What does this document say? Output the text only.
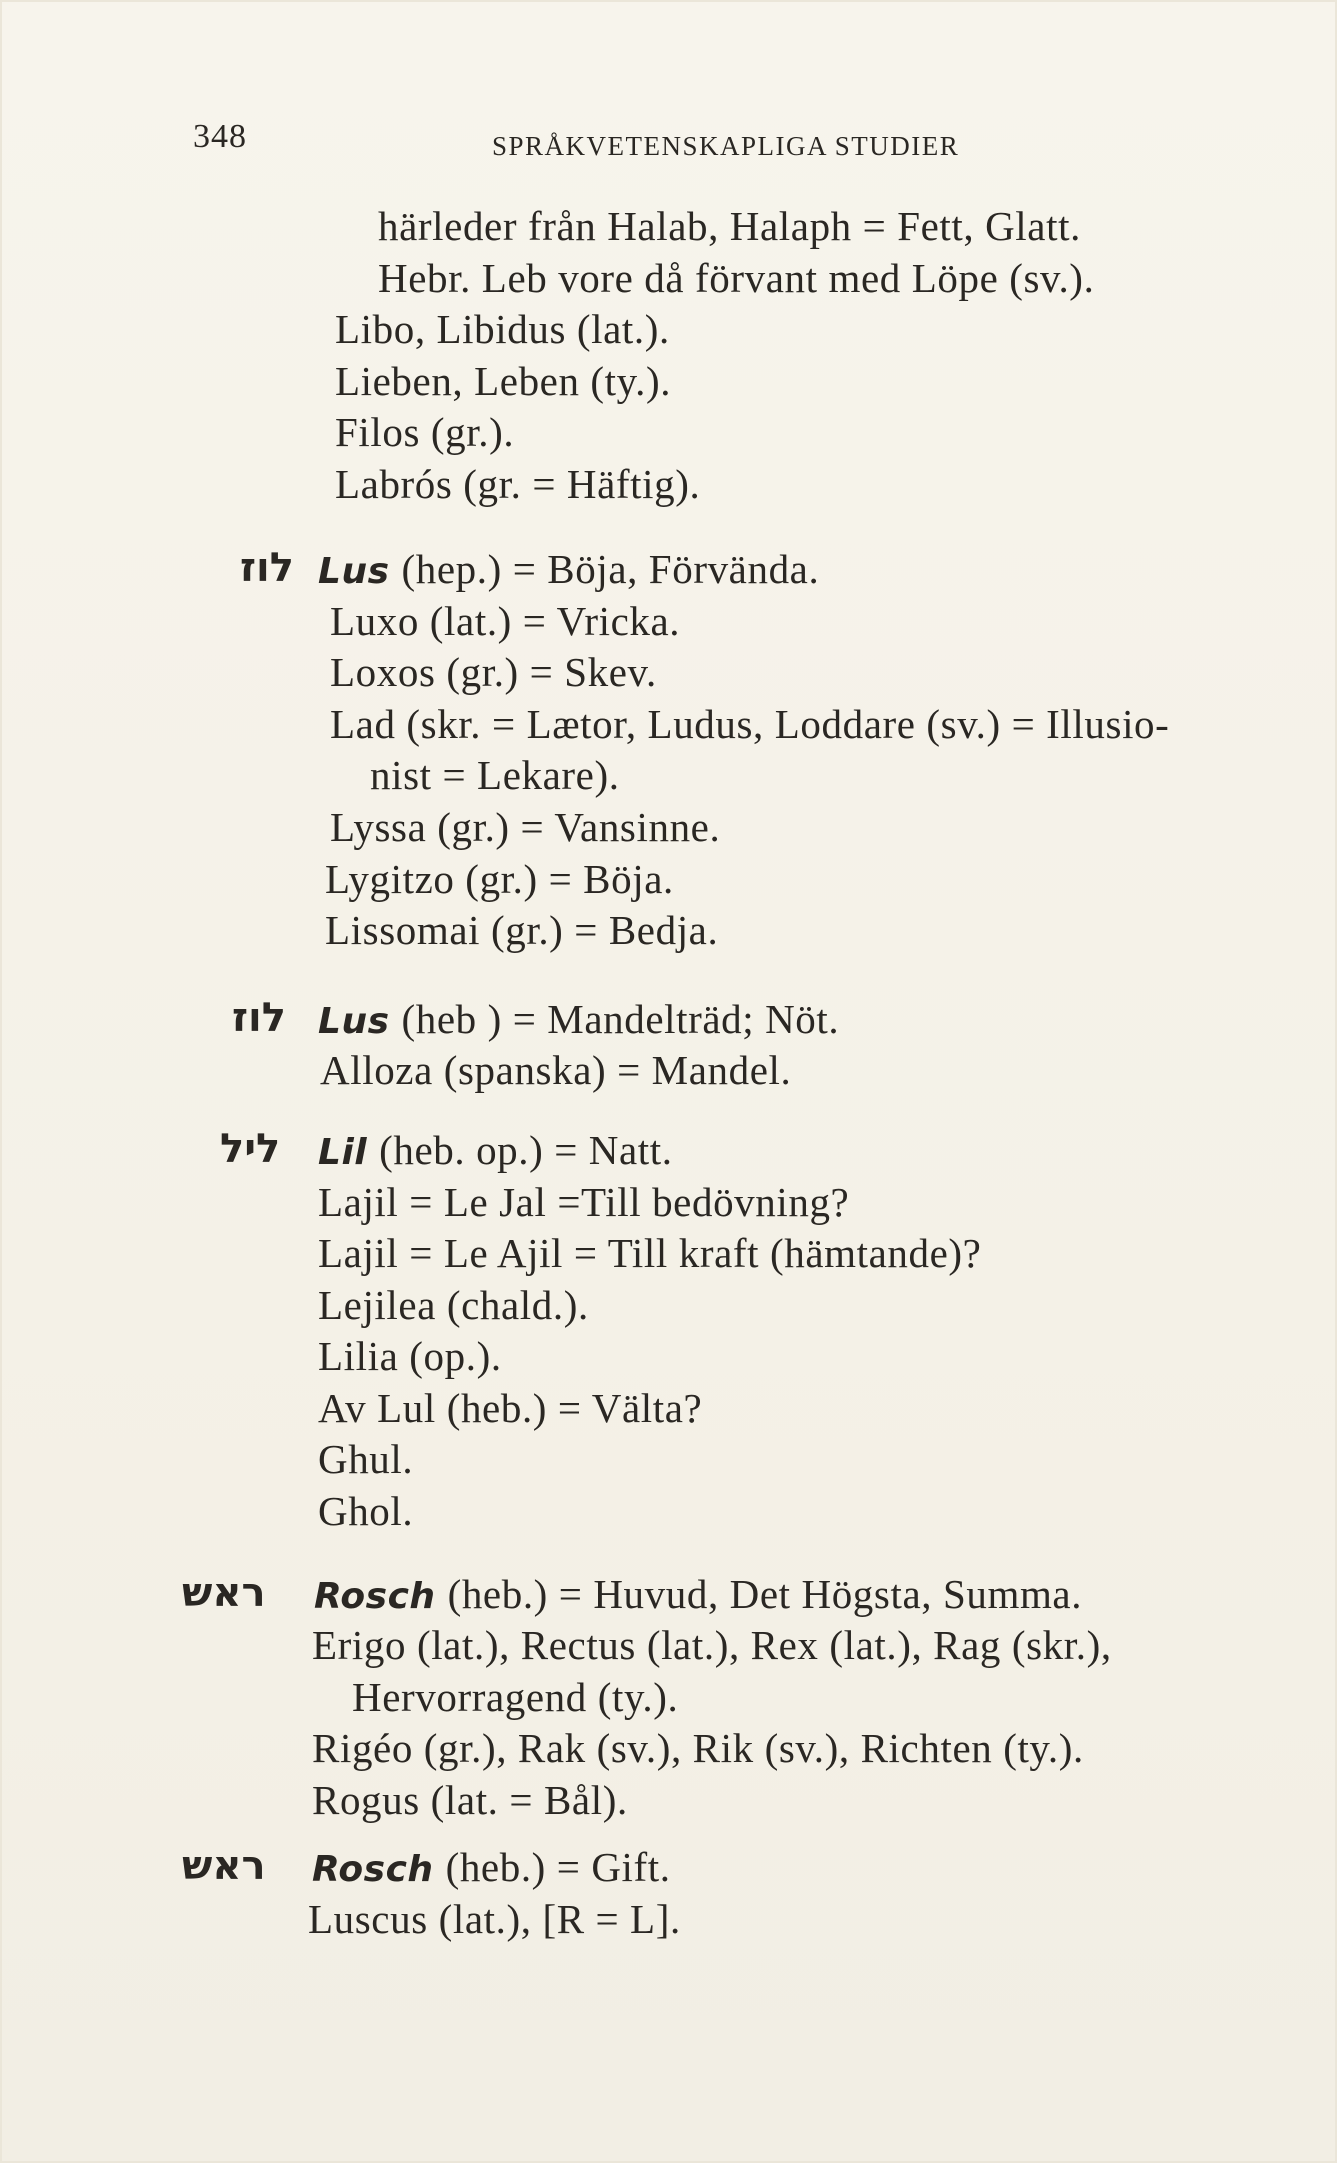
348	SPRÅKVETENSKAPLIGA STUDIER
härleder från Halab, Halaph = Fett, Glatt.
Hebr. Leb vore då förvant med Löpe (sv.).
Libo, Libidus (lat.).
Lieben, Leben (ty.).
Filos (gr.).
Labrós (gr. = Häftig).
לוז Lus (hep.) = Böja, Förvända.
Luxo (lat.) = Vricka.
Loxos (gr.) = Skev.
Lad (skr. = Lætor, Ludus, Loddare (sv.) = Illusio-
nist = Lekare).
Lyssa (gr.) = Vansinne.
Lygitzo (gr.) = Böja.
Lissomai (gr.) = Bedja.
לוז Lus (heb ) = Mandelträd; Nöt.
Alloza (spanska) = Mandel.
ליל Lil (heb. op.) = Natt.
Lajil = Le Jal =Till bedövning?
Lajil = Le Ajil = Till kraft (hämtande)?
Lejilea (chald.).
Lilia (op.).
Av Lul (heb.) = Välta?
Ghul.
Ghol.
ראש Rosch (heb.) = Huvud, Det Högsta, Summa.
Erigo (lat.), Rectus (lat.), Rex (lat.), Rag (skr.),
Hervorragend (ty.).
Rigéo (gr.), Rak (sv.), Rik (sv.), Richten (ty.).
Rogus (lat. = Bål).
ראש Rosch (heb.) = Gift.
Luscus (lat.), [R = L].
